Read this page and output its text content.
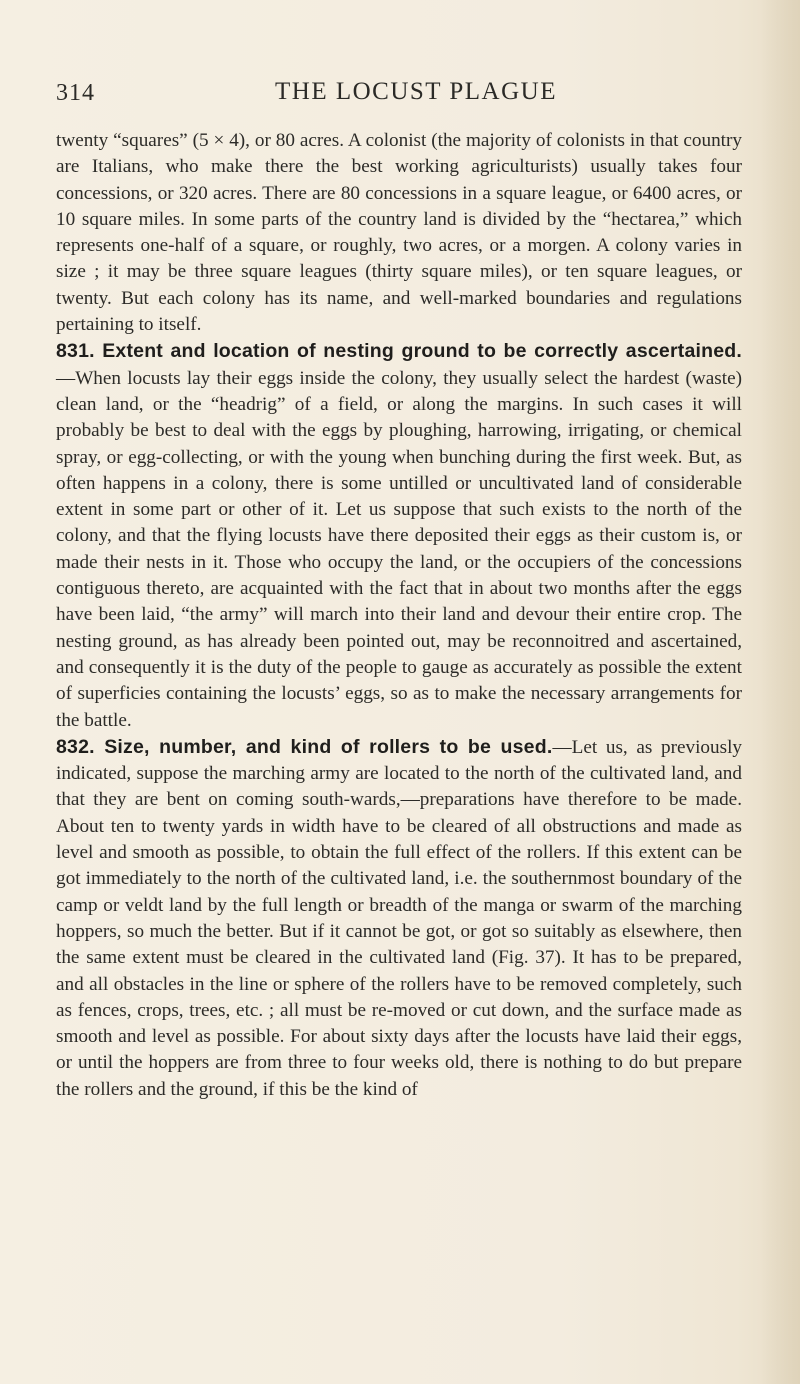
314	THE LOCUST PLAGUE

twenty “squares” (5 × 4), or 80 acres. A colonist (the majority of colonists in that country are Italians, who make there the best working agriculturists) usually takes four concessions, or 320 acres. There are 80 concessions in a square league, or 6400 acres, or 10 square miles. In some parts of the country land is divided by the “hectarea,” which represents one-half of a square, or roughly, two acres, or a morgen. A colony varies in size ; it may be three square leagues (thirty square miles), or ten square leagues, or twenty. But each colony has its name, and well-marked boundaries and regulations pertaining to itself.

831. Extent and location of nesting ground to be correctly ascertained.—When locusts lay their eggs inside the colony, they usually select the hardest (waste) clean land, or the “headrig” of a field, or along the margins. In such cases it will probably be best to deal with the eggs by ploughing, harrowing, irrigating, or chemical spray, or egg-collecting, or with the young when bunching during the first week. But, as often happens in a colony, there is some untilled or uncultivated land of considerable extent in some part or other of it. Let us suppose that such exists to the north of the colony, and that the flying locusts have there deposited their eggs as their custom is, or made their nests in it. Those who occupy the land, or the occupiers of the concessions contiguous thereto, are acquainted with the fact that in about two months after the eggs have been laid, “the army” will march into their land and devour their entire crop. The nesting ground, as has already been pointed out, may be reconnoitred and ascertained, and consequently it is the duty of the people to gauge as accurately as possible the extent of superficies containing the locusts’ eggs, so as to make the necessary arrangements for the battle.

832. Size, number, and kind of rollers to be used.—Let us, as previously indicated, suppose the marching army are located to the north of the cultivated land, and that they are bent on coming south-wards,—preparations have therefore to be made. About ten to twenty yards in width have to be cleared of all obstructions and made as level and smooth as possible, to obtain the full effect of the rollers. If this extent can be got immediately to the north of the cultivated land, i.e. the southernmost boundary of the camp or veldt land by the full length or breadth of the manga or swarm of the marching hoppers, so much the better. But if it cannot be got, or got so suitably as elsewhere, then the same extent must be cleared in the cultivated land (Fig. 37). It has to be prepared, and all obstacles in the line or sphere of the rollers have to be removed completely, such as fences, crops, trees, etc. ; all must be re-moved or cut down, and the surface made as smooth and level as possible. For about sixty days after the locusts have laid their eggs, or until the hoppers are from three to four weeks old, there is nothing to do but prepare the rollers and the ground, if this be the kind of
